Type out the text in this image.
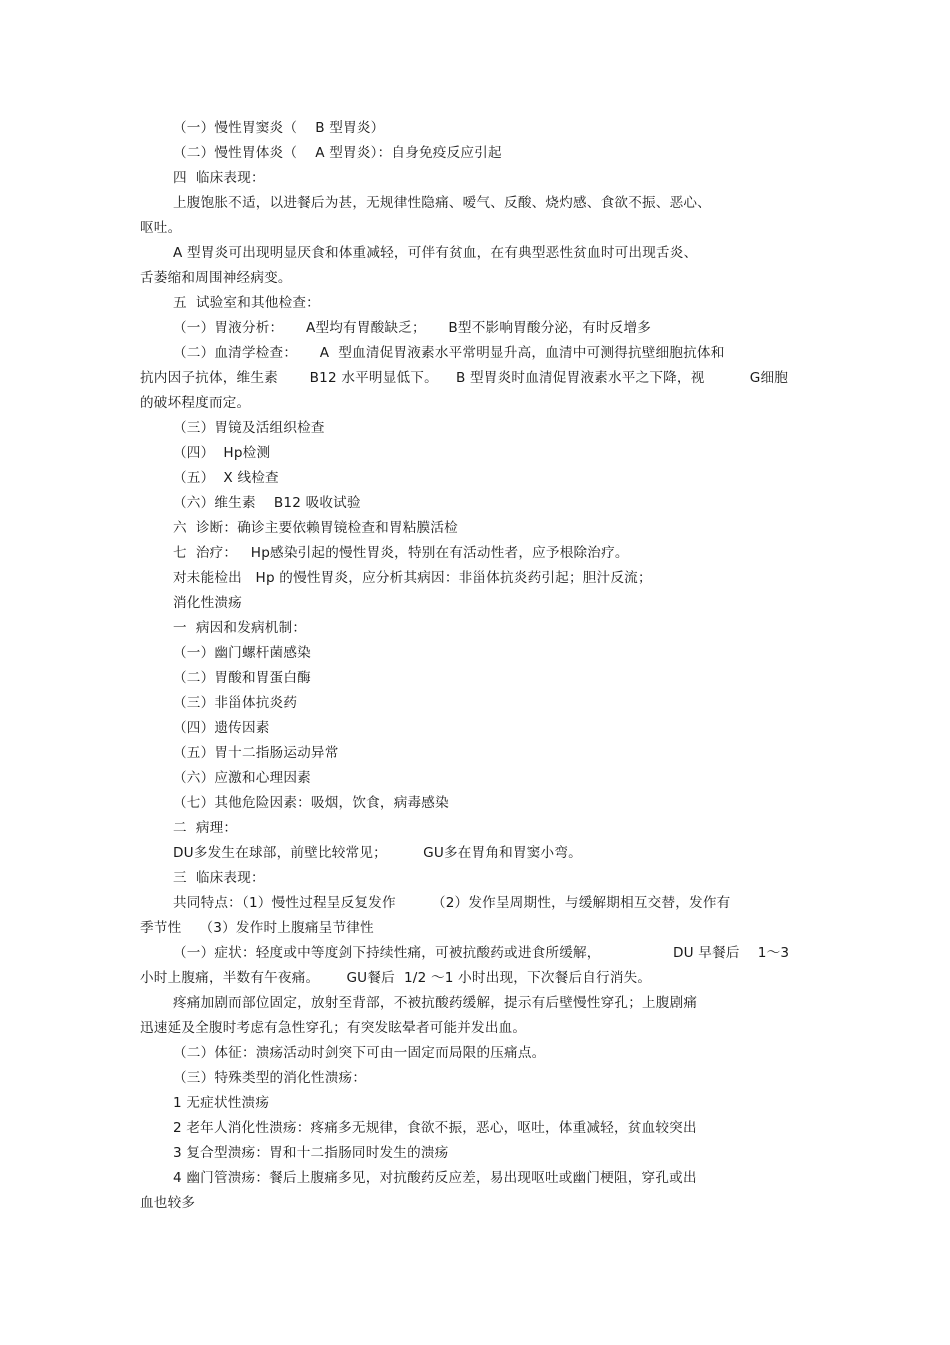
（一）慢性胃窦炎（    B 型胃炎）
（二）慢性胃体炎（    A 型胃炎）：自身免疫反应引起
四  临床表现：
上腹饱胀不适，以进餐后为甚，无规律性隐痛、嗳气、反酸、烧灼感、食欲不振、恶心、
呕吐。
A 型胃炎可出现明显厌食和体重减轻，可伴有贫血，在有典型恶性贫血时可出现舌炎、
舌萎缩和周围神经病变。
五  试验室和其他检查：
（一）胃液分析：     A型均有胃酸缺乏；     B型不影响胃酸分泌，有时反增多
（二）血清学检查：     A  型血清促胃液素水平常明显升高，血清中可测得抗壁细胞抗体和
抗内因子抗体，维生素       B12 水平明显低下。    B 型胃炎时血清促胃液素水平之下降，视          G细胞
的破坏程度而定。
（三）胃镜及活组织检查
（四）  Hp检测
（五）  X 线检查
（六）维生素    B12 吸收试验
六  诊断：确诊主要依赖胃镜检查和胃粘膜活检
七  治疗：   Hp感染引起的慢性胃炎，特别在有活动性者，应予根除治疗。
对未能检出   Hp 的慢性胃炎，应分析其病因：非甾体抗炎药引起；胆汁反流；
消化性溃疡
一  病因和发病机制：
（一）幽门螺杆菌感染
（二）胃酸和胃蛋白酶
（三）非甾体抗炎药
（四）遗传因素
（五）胃十二指肠运动异常
（六）应激和心理因素
（七）其他危险因素：吸烟，饮食，病毒感染
二  病理：
DU多发生在球部，前壁比较常见；        GU多在胃角和胃窦小弯。
三  临床表现：
共同特点：（1）慢性过程呈反复发作        （2）发作呈周期性，与缓解期相互交替，发作有
季节性    （3）发作时上腹痛呈节律性
（一）症状：轻度或中等度剑下持续性痛，可被抗酸药或进食所缓解，                DU 早餐后    1～3
小时上腹痛，半数有午夜痛。      GU餐后  1/2 ～1 小时出现，下次餐后自行消失。
疼痛加剧而部位固定，放射至背部，不被抗酸药缓解，提示有后壁慢性穿孔；上腹剧痛
迅速延及全腹时考虑有急性穿孔；有突发眩晕者可能并发出血。
（二）体征：溃疡活动时剑突下可由一固定而局限的压痛点。
（三）特殊类型的消化性溃疡：
1 无症状性溃疡
2 老年人消化性溃疡：疼痛多无规律，食欲不振，恶心，呕吐，体重减轻，贫血较突出
3 复合型溃疡：胃和十二指肠同时发生的溃疡
4 幽门管溃疡：餐后上腹痛多见，对抗酸药反应差，易出现呕吐或幽门梗阻，穿孔或出
血也较多
